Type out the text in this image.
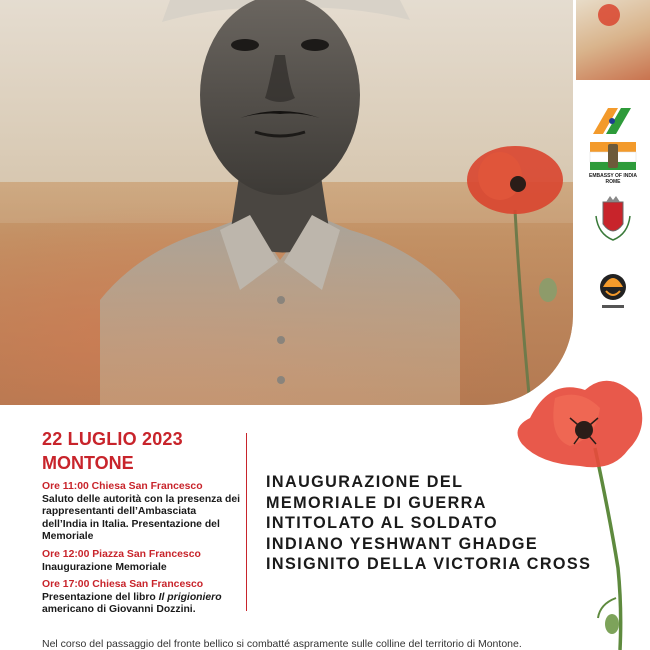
EMBASSY OF INDIA
ROME
22 LUGLIO 2023
MONTONE
Ore 11:00 Chiesa San Francesco
Saluto delle autorità con la presenza dei rappresentanti dell’Ambasciata dell’India in Italia. Presentazione del Memoriale
Ore 12:00 Piazza San Francesco
Inaugurazione Memoriale
Ore 17:00 Chiesa San Francesco
Presentazione del libro Il prigioniero americano di Giovanni Dozzini.
INAUGURAZIONE DEL
MEMORIALE DI GUERRA
INTITOLATO AL SOLDATO
INDIANO YESHWANT GHADGE
INSIGNITO DELLA VICTORIA CROSS
Nel corso del passaggio del fronte bellico si combatté aspramente sulle colline del territorio di Montone.
